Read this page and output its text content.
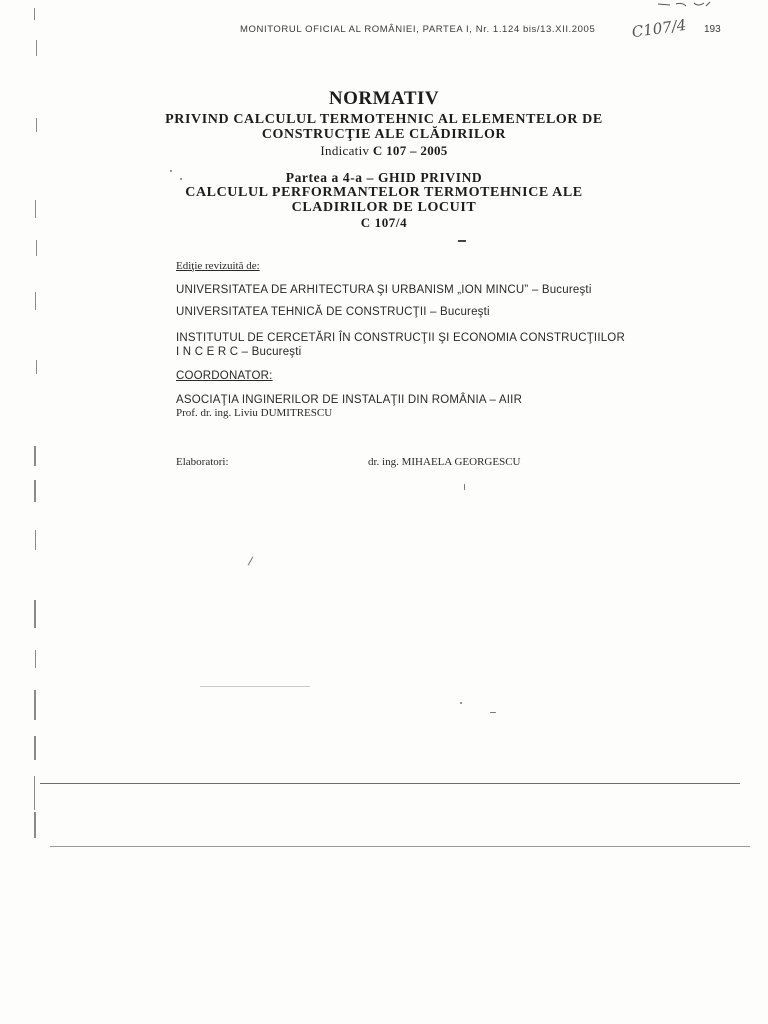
MONITORUL OFICIAL AL ROMÂNIEI, PARTEA I, Nr. 1.124 bis/13.XII.2005	193
C107/4
NORMATIV
PRIVIND CALCULUL TERMOTEHNIC AL ELEMENTELOR DE
CONSTRUCŢIE ALE CLĂDIRILOR
Indicativ C 107 – 2005
Partea a 4-a – GHID PRIVIND
CALCULUL PERFORMANTELOR TERMOTEHNICE ALE
CLADIRILOR DE LOCUIT
C 107/4
Ediţie revizuită de:
UNIVERSITATEA DE ARHITECTURA ŞI URBANISM „ION MINCU” – Bucureşti
UNIVERSITATEA TEHNICĂ DE CONSTRUCŢII – Bucureşti
INSTITUTUL DE CERCETĂRI ÎN CONSTRUCŢII ŞI ECONOMIA CONSTRUCŢIILOR
I N C E R C – Bucureşti
COORDONATOR:
ASOCIAŢIA INGINERILOR DE INSTALAŢII DIN ROMÂNIA – AIIR
Prof. dr. ing. Liviu DUMITRESCU
Elaboratori:	dr. ing. MIHAELA GEORGESCU
